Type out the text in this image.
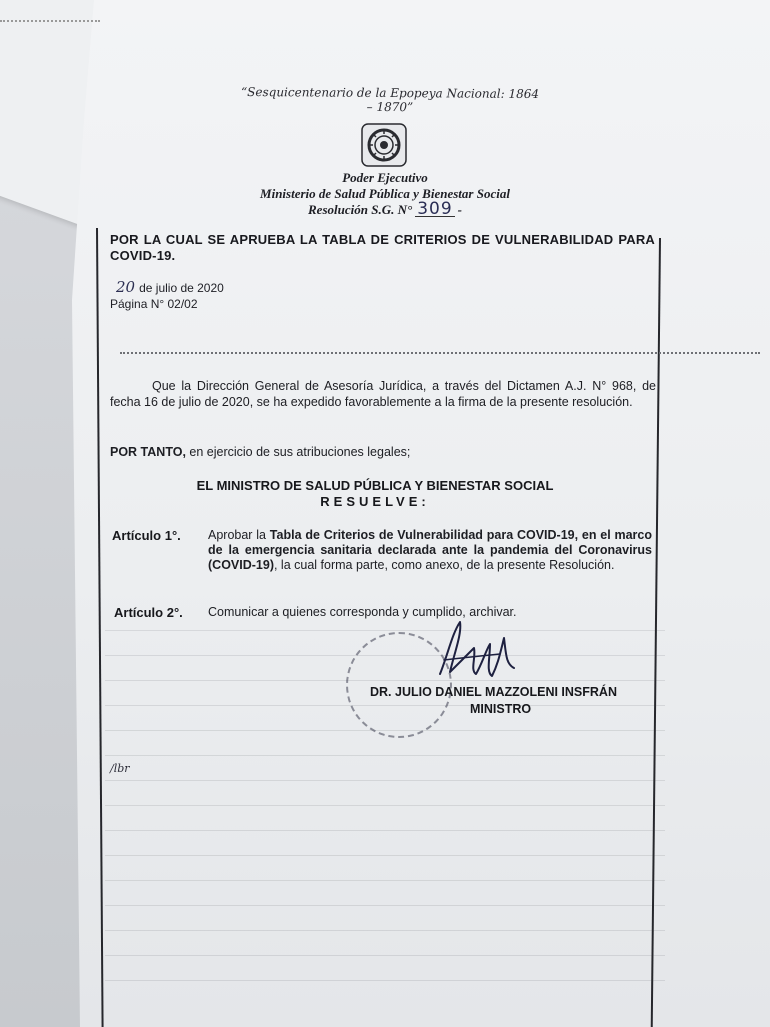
“Sesquicentenario de la Epopeya Nacional: 1864 – 1870”
Poder Ejecutivo
Ministerio de Salud Pública y Bienestar Social
Resolución S.G. N° 309 -
POR LA CUAL SE APRUEBA LA TABLA DE CRITERIOS DE VULNERABILIDAD PARA COVID-19.
20 de julio de 2020
Página N° 02/02
Que la Dirección General de Asesoría Jurídica, a través del Dictamen A.J. N° 968, de fecha 16 de julio de 2020, se ha expedido favorablemente a la firma de la presente resolución.
POR TANTO, en ejercicio de sus atribuciones legales;
EL MINISTRO DE SALUD PÚBLICA Y BIENESTAR SOCIAL
RESUELVE:
Artículo 1°. Aprobar la Tabla de Criterios de Vulnerabilidad para COVID-19, en el marco de la emergencia sanitaria declarada ante la pandemia del Coronavirus (COVID-19), la cual forma parte, como anexo, de la presente Resolución.
Artículo 2°. Comunicar a quienes corresponda y cumplido, archivar.
DR. JULIO DANIEL MAZZOLENI INSFRÁN
MINISTRO
/lbr
